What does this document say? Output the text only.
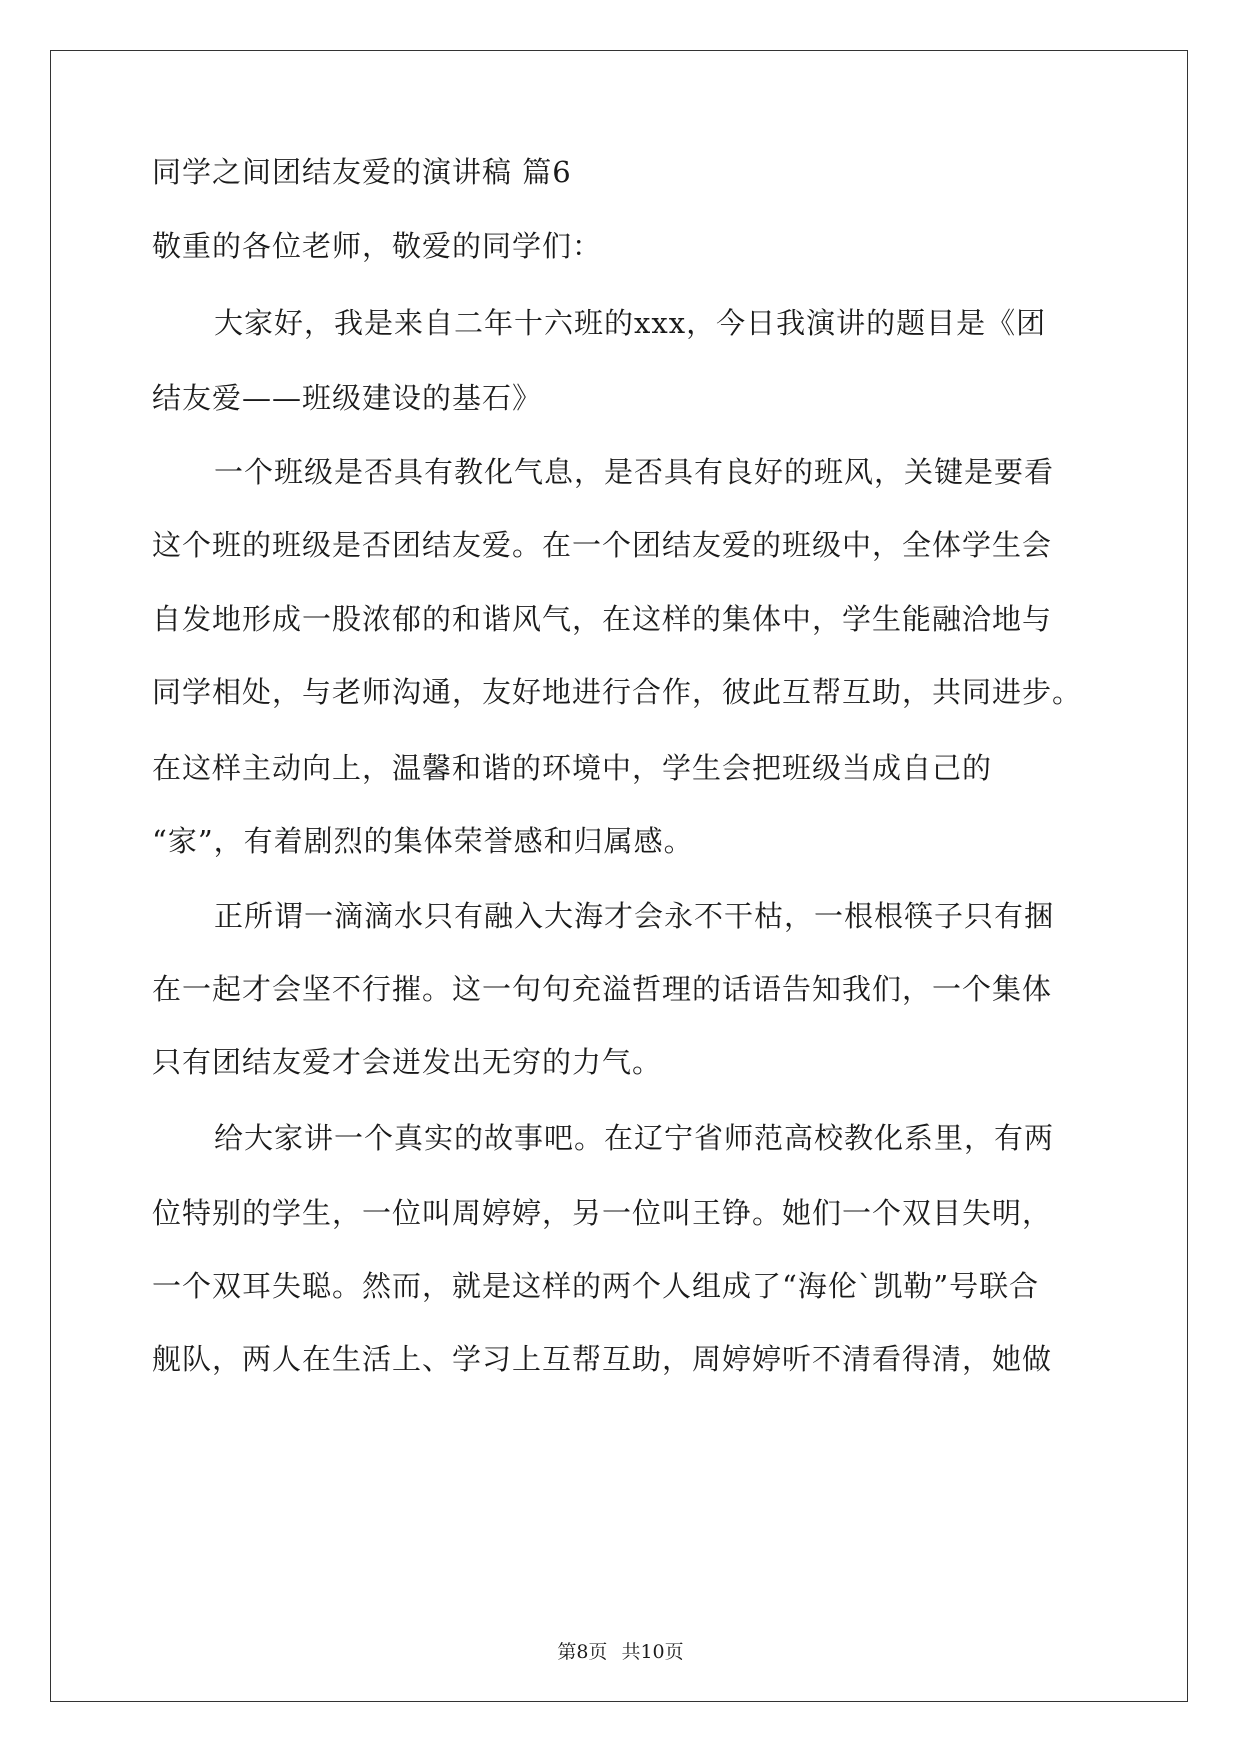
同学之间团结友爱的演讲稿 篇6
敬重的各位老师，敬爱的同学们：
大家好，我是来自二年十六班的xxx，今日我演讲的题目是《团
结友爱——班级建设的基石》
一个班级是否具有教化气息，是否具有良好的班风，关键是要看
这个班的班级是否团结友爱。在一个团结友爱的班级中，全体学生会
自发地形成一股浓郁的和谐风气，在这样的集体中，学生能融洽地与
同学相处，与老师沟通，友好地进行合作，彼此互帮互助，共同进步。
在这样主动向上，温馨和谐的环境中，学生会把班级当成自己的
“家”，有着剧烈的集体荣誉感和归属感。
正所谓一滴滴水只有融入大海才会永不干枯，一根根筷子只有捆
在一起才会坚不行摧。这一句句充溢哲理的话语告知我们，一个集体
只有团结友爱才会迸发出无穷的力气。
给大家讲一个真实的故事吧。在辽宁省师范高校教化系里，有两
位特别的学生，一位叫周婷婷，另一位叫王铮。她们一个双目失明，
一个双耳失聪。然而，就是这样的两个人组成了“海伦`凯勒”号联合
舰队，两人在生活上、学习上互帮互助，周婷婷听不清看得清，她做
第8页 共10页
